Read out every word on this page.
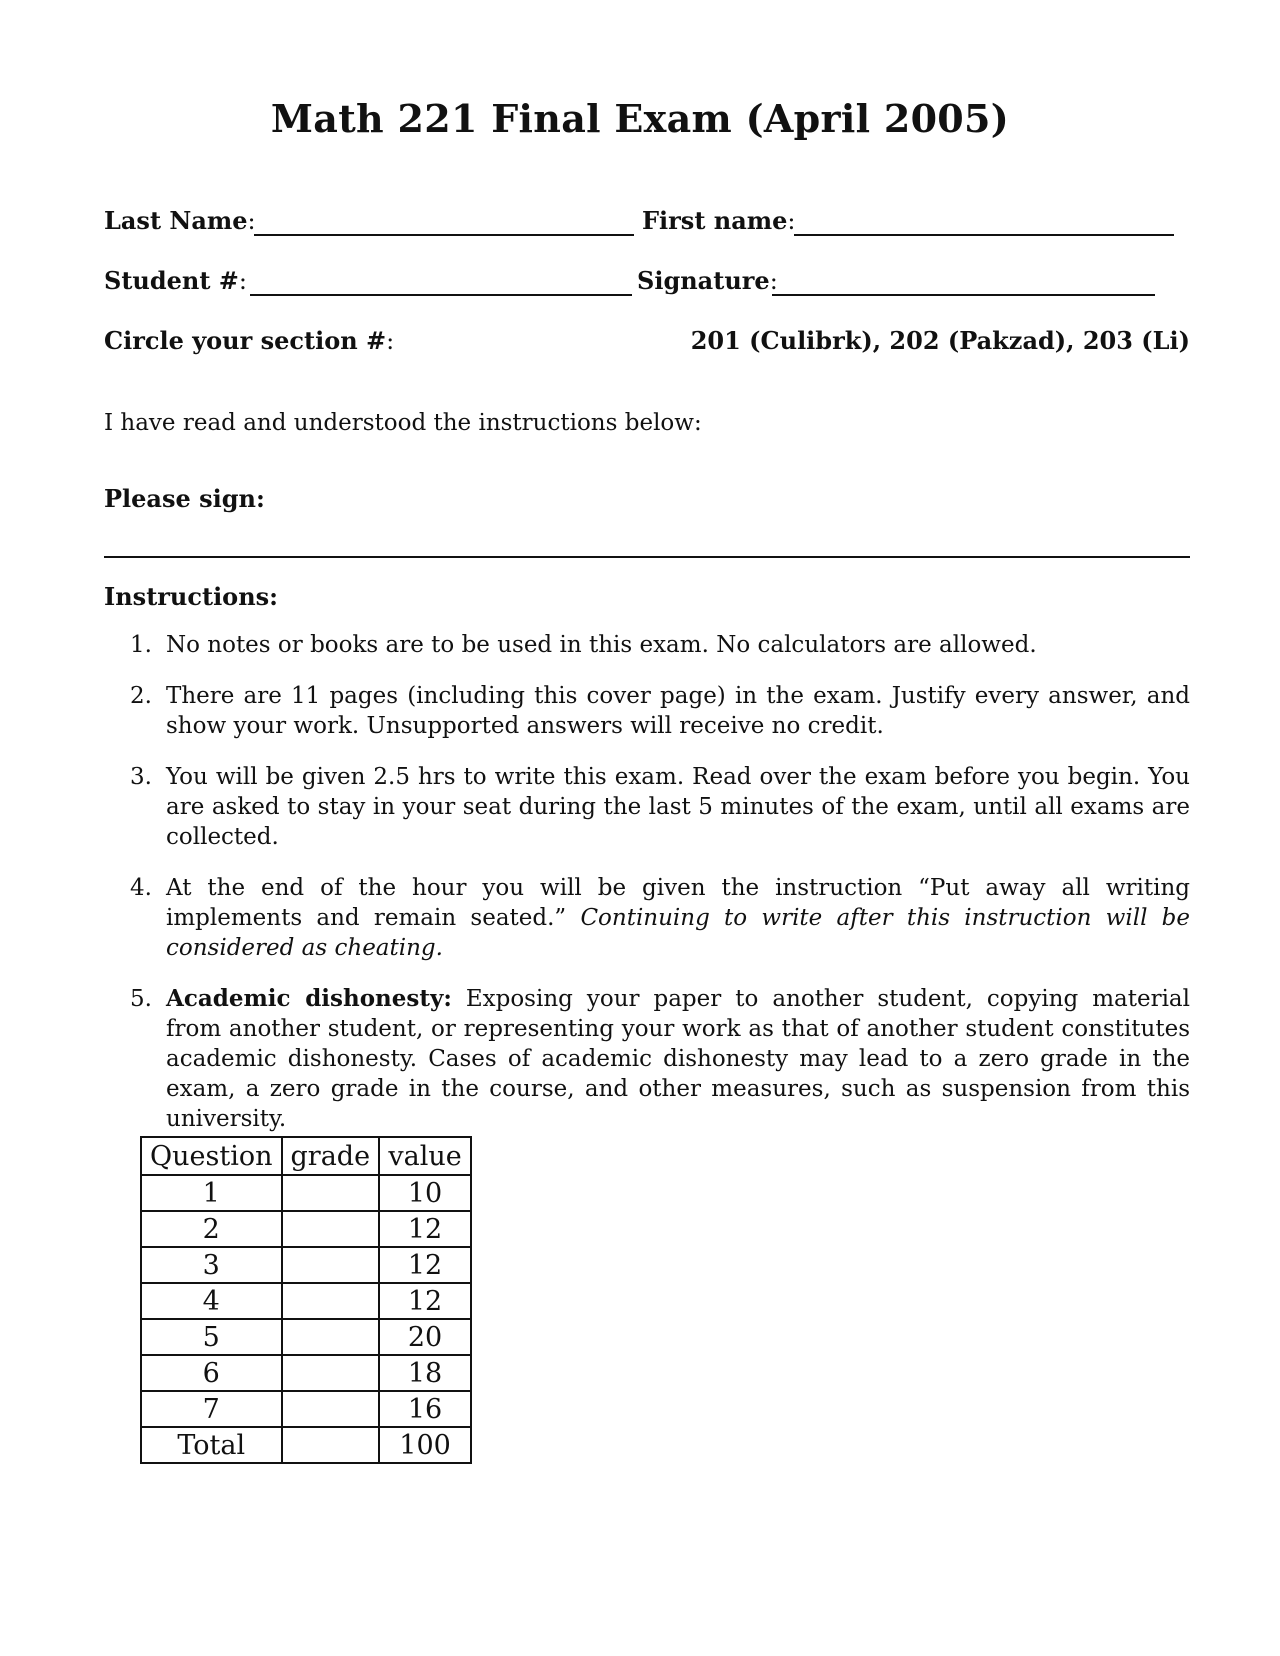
Math 221 Final Exam (April 2005)
Last Name:	First name:
Student #:	Signature:
Circle your section #:	201 (Culibrk), 202 (Pakzad), 203 (Li)
I have read and understood the instructions below:
Please sign:
Instructions:
1. No notes or books are to be used in this exam. No calculators are allowed.
2. There are 11 pages (including this cover page) in the exam. Justify every answer, and show your work. Unsupported answers will receive no credit.
3. You will be given 2.5 hrs to write this exam. Read over the exam before you begin. You are asked to stay in your seat during the last 5 minutes of the exam, until all exams are collected.
4. At the end of the hour you will be given the instruction “Put away all writing implements and remain seated.” Continuing to write after this instruction will be considered as cheating.
5. Academic dishonesty: Exposing your paper to another student, copying material from another student, or representing your work as that of another student constitutes academic dishonesty. Cases of academic dishonesty may lead to a zero grade in the exam, a zero grade in the course, and other measures, such as suspension from this university.
Question	grade	value
1		10
2		12
3		12
4		12
5		20
6		18
7		16
Total		100
